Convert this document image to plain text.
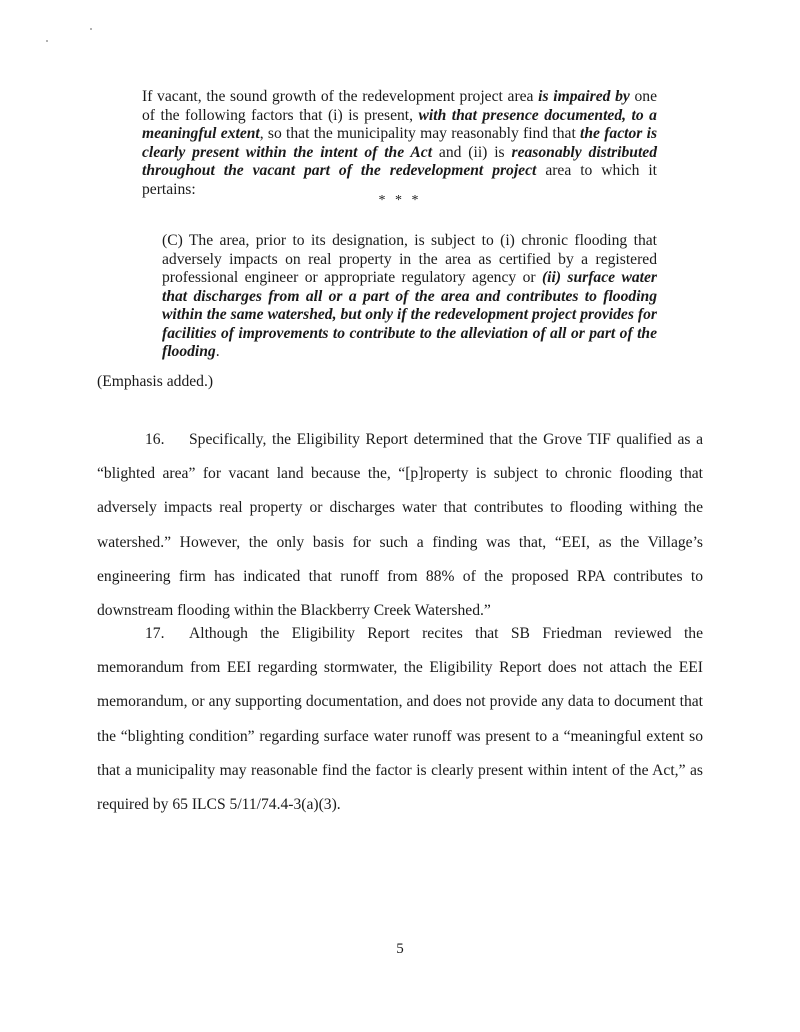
If vacant, the sound growth of the redevelopment project area is impaired by one of the following factors that (i) is present, with that presence documented, to a meaningful extent, so that the municipality may reasonably find that the factor is clearly present within the intent of the Act and (ii) is reasonably distributed throughout the vacant part of the redevelopment project area to which it pertains:
* * *
(C) The area, prior to its designation, is subject to (i) chronic flooding that adversely impacts on real property in the area as certified by a registered professional engineer or appropriate regulatory agency or (ii) surface water that discharges from all or a part of the area and contributes to flooding within the same watershed, but only if the redevelopment project provides for facilities of improvements to contribute to the alleviation of all or part of the flooding.
(Emphasis added.)

16. Specifically, the Eligibility Report determined that the Grove TIF qualified as a “blighted area” for vacant land because the, “[p]roperty is subject to chronic flooding that adversely impacts real property or discharges water that contributes to flooding withing the watershed.” However, the only basis for such a finding was that, “EEI, as the Village’s engineering firm has indicated that runoff from 88% of the proposed RPA contributes to downstream flooding within the Blackberry Creek Watershed.”

17. Although the Eligibility Report recites that SB Friedman reviewed the memorandum from EEI regarding stormwater, the Eligibility Report does not attach the EEI memorandum, or any supporting documentation, and does not provide any data to document that the “blighting condition” regarding surface water runoff was present to a “meaningful extent so that a municipality may reasonable find the factor is clearly present within intent of the Act,” as required by 65 ILCS 5/11/74.4-3(a)(3).

5
